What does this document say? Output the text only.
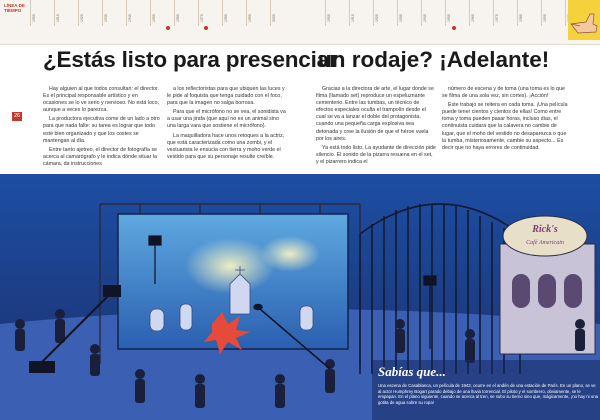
LÍNEA DE TIEMPO
1900	1910	1920	1930	1940	1950	1960	1970	1980	1990	2000	1900	1910	1920	1930	1940	1950	1960	1970	1980	1990
¿Estás listo para presenciar
un rodaje? ¡Adelante!
26

Hay alguien al que todos consultan: el director. Es el principal responsable artístico y en ocasiones se lo ve serio y nervioso. No está loco, aunque a veces lo parezca.

La productora ejecutiva come de un lado a otro para que nada falte: su tarea es lograr que todo esté bien organizado y que los costes se mantengan al día.

Entre tanto ajetreo, el director de fotografía se acerca al camarógrafo y le indica dónde situar la cámara, da instrucciones

a los reflectoristas para que ubiquen las luces y le pide al foquista que tenga cuidado con el foco, para que la imagen no salga borrosa.

Para que el micrófono no se vea, el sonidista va a usar una jirafa (que aquí no es un animal sino una larga vara que sostiene el micrófono).

La maquilladora hace unos retoques a la actriz, que está caracterizada como una zombi, y el vestuarista le ensucia con tierra y moho verde el vestido para que su personaje resulte creíble.

Gracias a la directora de arte, el lugar donde se filma (llamado set) reproduce un espeluznante cementerio. Entre las tumbas, un técnico de efectos especiales oculta el trampolín desde el cual se va a lanzar el doble del protagonista, cuando una pequeña carga explosiva sea detonada y cree la ilusión de que el héroe vuela por los aires.

Ya está todo listo. La ayudante de dirección pide silencio. El sonido de la pizarra resuena en el set, y el pizarrero indica el

número de escena y de toma (una toma es lo que se filma de una sola vez, sin cortes). ¡Acción!

Este trabajo se reitera en cada toma. ¡Una película puede tener cientos y cientos de ellas! Como entre toma y toma pueden pasar horas, incluso días, el continuista cuidará que la calavera no cambie de lugar, que el moho del vestido no desaparezca o que la tumba, misteriosamente, cambie su aspecto... Es decir que no haya errores de continuidad.

Rick's
Café Americain
Sabías que...
Una escena de Casablanca, un película de 1943, ocurre en el andén de una estación de París. En un plano, se ve al actor Humphrey Bogart parado debajo de una lluvia torrencial. El piloto y el sombrero, obviamente, se le empapan. En el plano siguiente, cuando se acerca al tren, se subo su tierno sino que, mágicamente, ¡no hay ni una gotita de agua sobre su ropa!
